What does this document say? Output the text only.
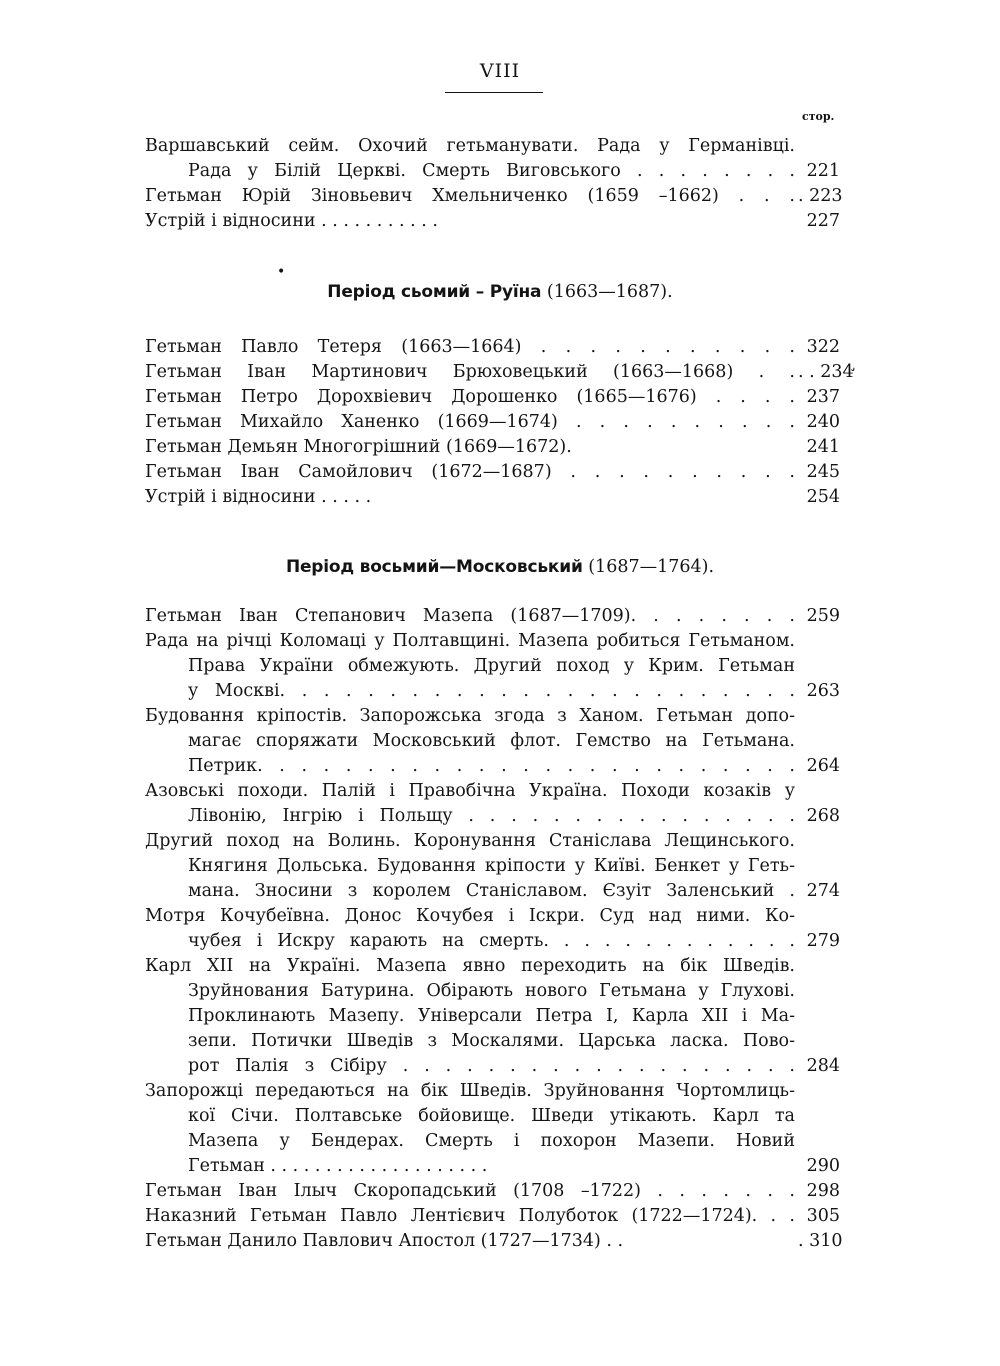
VIII
стор.
•
Період сьомий – Руїна (1663—1687).
Період восьмий—Московський (1687—1764).
Варшавський сейм. Охочий гетьманувати. Рада у Германівці.
Рада у Білій Церкві. Смерть Виговського . . . . . . . . 221
Гетьман Юрій Зіновьевич Хмельниченко (1659 –1662) . . . . 223
Устрій і відносини . . . . . . . . . . .	227
Гетьман Павло Тетеря (1663—1664) . . . . . . . . . . . 322
Гетьман Іван Мартинович Брюховецький (1663—1668) . . . . 234̛
Гетьман Петро Дорохвіевич Дорошенко (1665—1676) . . . . 237
Гетьман Михайло Ханенко (1669—1674) . . . . . . . . . . 240
Гетьман Демьян Многогрішний (1669—1672).	241
Гетьман Іван Самойлович (1672—1687) . . . . . . . . . . 245
Устрій і відносини . . . . .	254
Гетьман Іван Степанович Мазепа (1687—1709). . . . . . . . 259
Рада на річці Коломаці у Полтавщині. Мазепа робиться Гетьманом.
Права України обмежують. Другий поход у Крим. Гетьман
у Москві. . . . . . . . . . . . . . . . . . . . . . . . 263
Будовання кріпостів. Запорожська згода з Ханом. Гетьман допо-
магає споряжати Московський флот. Гемство на Гетьмана.
Петрик. . . . . . . . . . . . . . . . . . . . . . . . . 264
Азовські походи. Палій і Правобічна Україна. Походи козаків у
Лівонію, Інгрію і Польщу . . . . . . . . . . . . . . . . 268
Другий поход на Волинь. Коронування Станіслава Лещинського.
Княгиня Дольська. Будовання кріпости у Київі. Бенкет у Геть-
мана. Зносини з королем Станіславом. Єзуіт Заленський . 274
Мотря Кочубеївна. Донос Кочубея і Іскри. Суд над ними. Ко-
чубея і Искру карають на смерть. . . . . . . . . . . . . 279
Карл XII на Україні. Мазепа явно переходить на бік Шведів.
Зруйнования Батурина. Обірають нового Гетьмана у Глухові.
Проклинають Мазепу. Універсали Петра I, Карла XII і Ма-
зепи. Потички Шведів з Москалями. Царська ласка. Пово-
рот Палія з Сібіру . . . . . . . . . . . . . . . . . . . 284
Запорожці передаються на бік Шведів. Зруйновання Чортомлиць-
кої Січи. Полтавське бойовище. Шведи утікають. Карл та
Мазепа у Бендерах. Смерть і похорон Мазепи. Новий
Гетьман . . . . . . . . . . . . . . . . . . . .	290
Гетьман Іван Ілыч Скоропадський (1708 –1722) . . . . . . . 298
Наказний Гетьман Павло Лентієвич Полуботок (1722—1724). . . 305
Гетьман Данило Павлович Апостол (1727—1734) . .	. 310
